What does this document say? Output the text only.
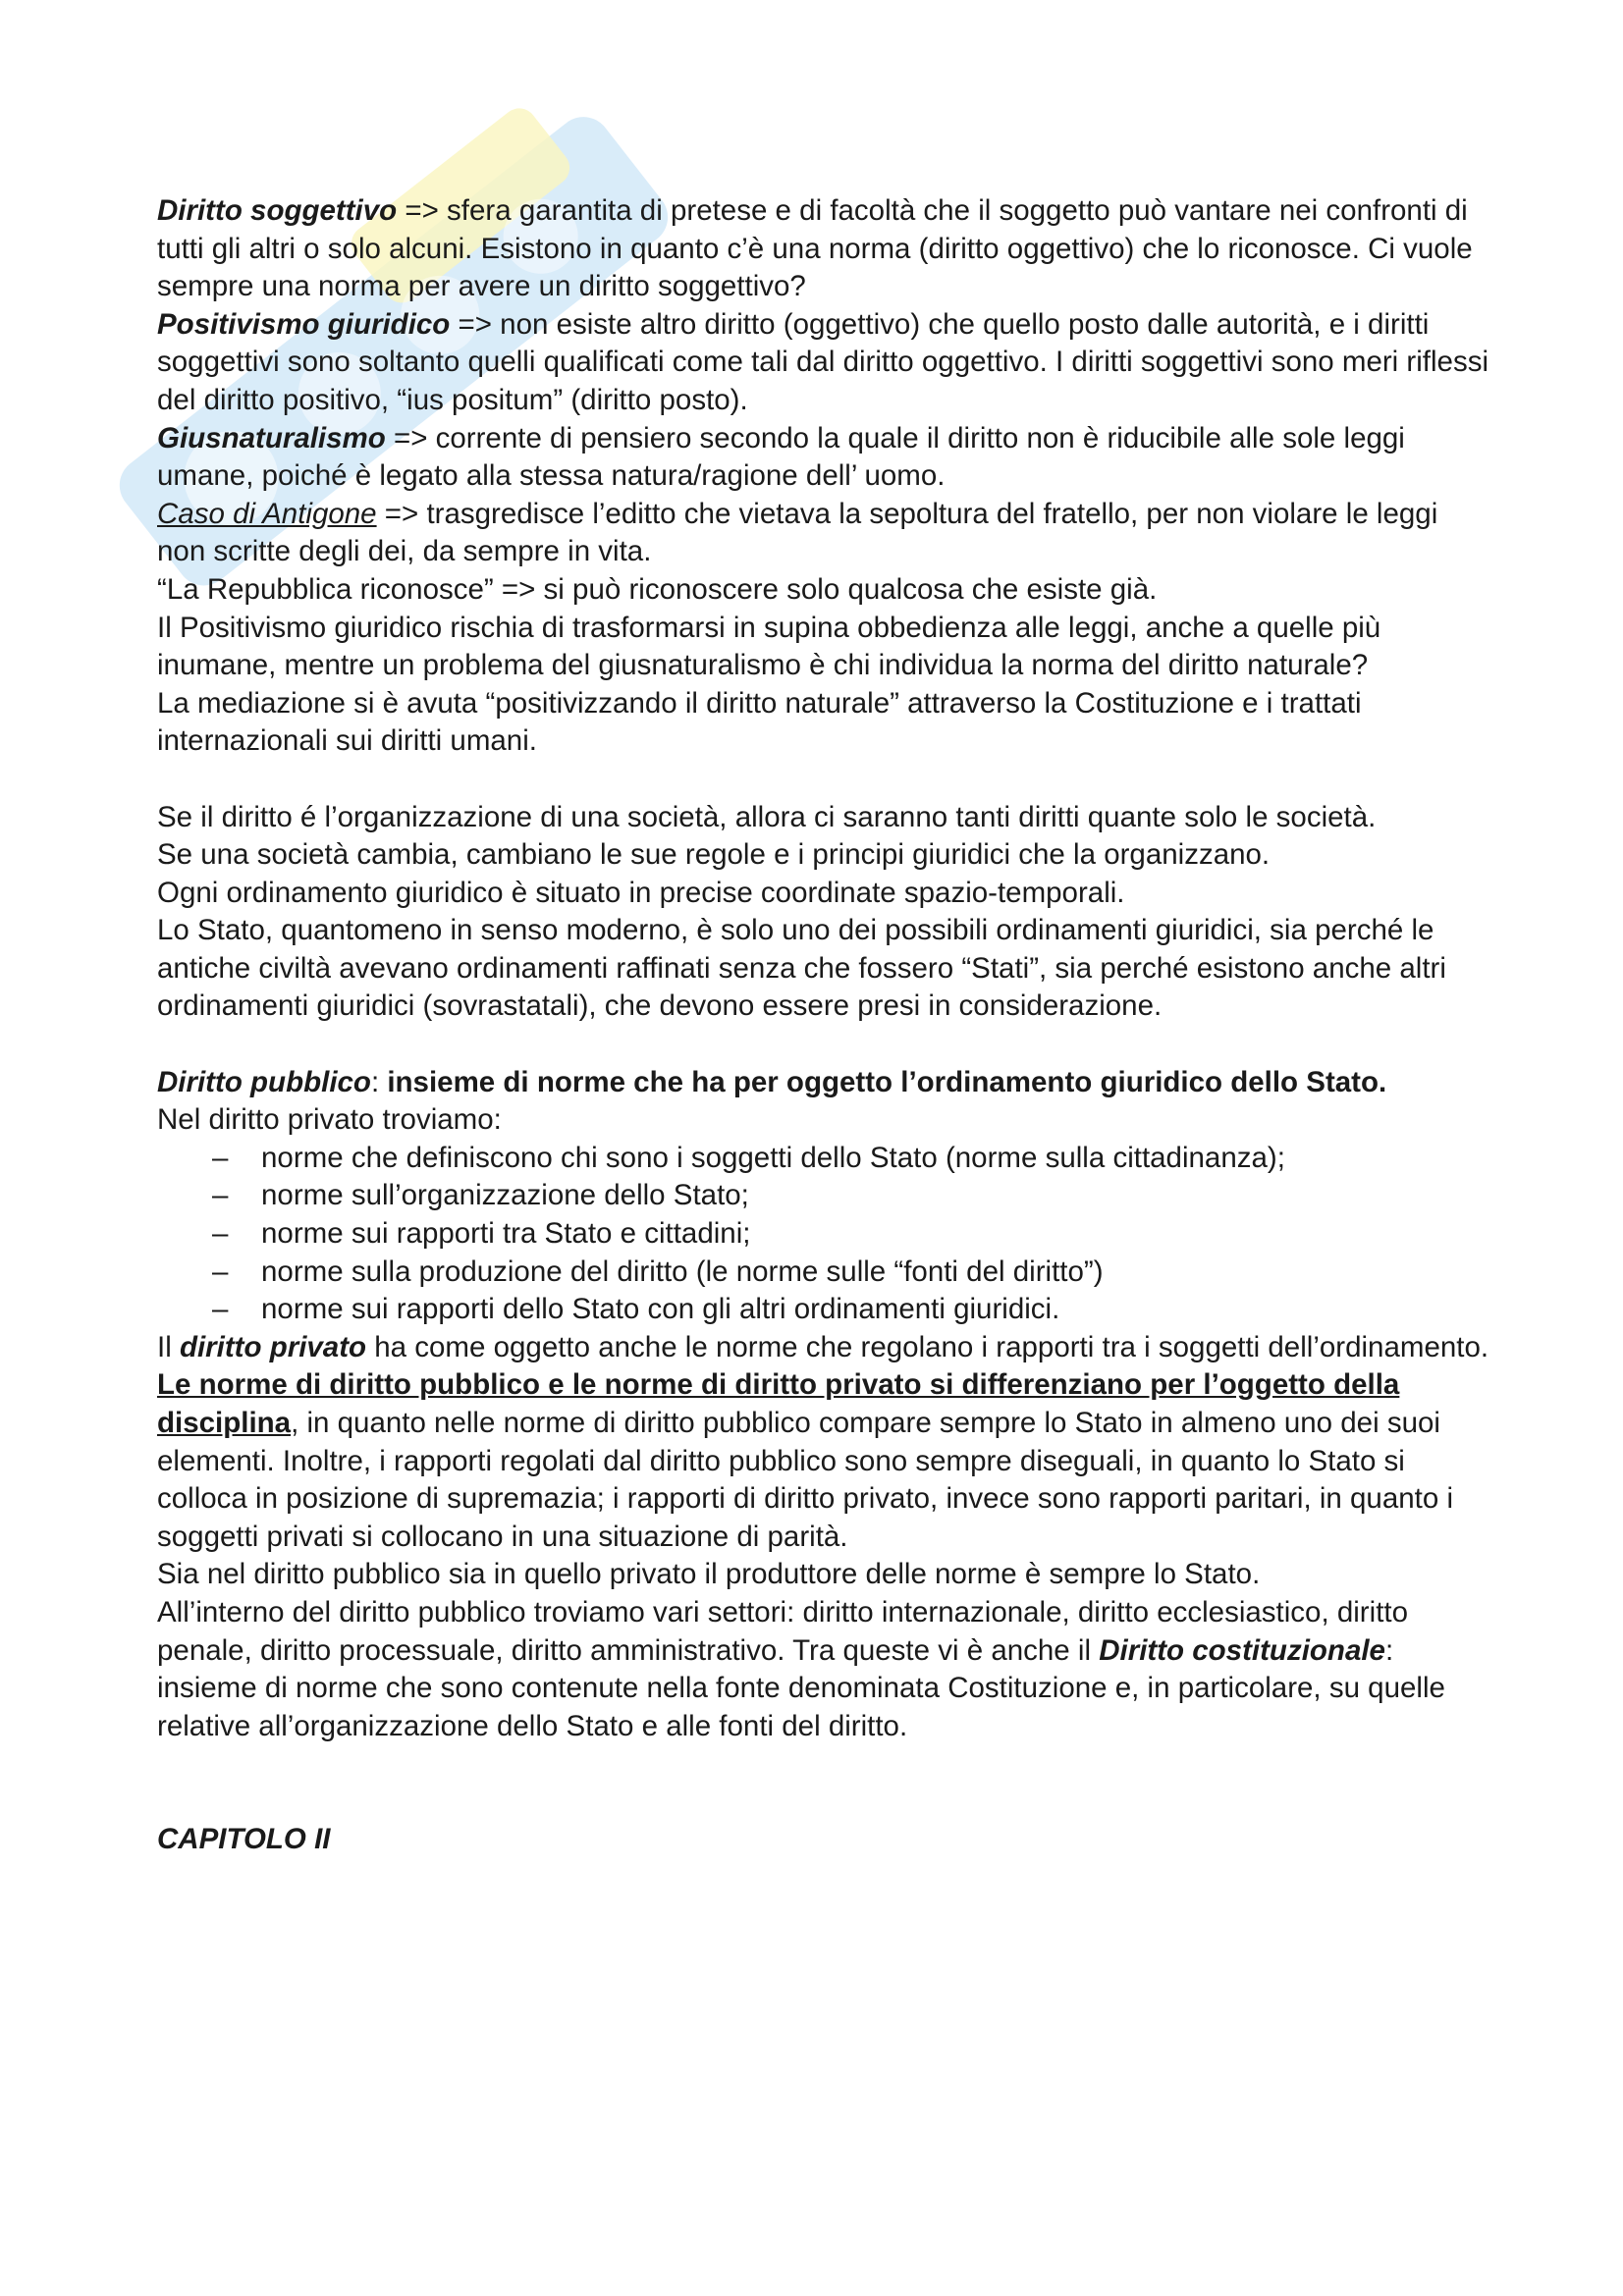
Diritto soggettivo => sfera garantita di pretese e di facoltà che il soggetto può vantare nei confronti di tutti gli altri o solo alcuni. Esistono in quanto c’è una norma (diritto oggettivo) che lo riconosce. Ci vuole sempre una norma per avere un diritto soggettivo?

Positivismo giuridico => non esiste altro diritto (oggettivo) che quello posto dalle autorità, e i diritti soggettivi sono soltanto quelli qualificati come tali dal diritto oggettivo. I diritti soggettivi sono meri riflessi del diritto positivo, “ius positum” (diritto posto).

Giusnaturalismo => corrente di pensiero secondo la quale il diritto non è riducibile alle sole leggi umane, poiché è legato alla stessa natura/ragione dell’ uomo.

Caso di Antigone => trasgredisce l’editto che vietava la sepoltura del fratello, per non violare le leggi non scritte degli dei, da sempre in vita.

“La Repubblica riconosce” => si può riconoscere solo qualcosa che esiste già.

Il Positivismo giuridico rischia di trasformarsi in supina obbedienza alle leggi, anche a quelle più inumane, mentre un problema del giusnaturalismo è chi individua la norma del diritto naturale?

La mediazione si è avuta “positivizzando il diritto naturale” attraverso la Costituzione e i trattati internazionali sui diritti umani.

Se il diritto é l’organizzazione di una società, allora ci saranno tanti diritti quante solo le società.

Se una società cambia, cambiano le sue regole e i principi giuridici che la organizzano.

Ogni ordinamento giuridico è situato in precise coordinate spazio-temporali.

Lo Stato, quantomeno in senso moderno, è solo uno dei possibili ordinamenti giuridici, sia perché le antiche civiltà avevano ordinamenti raffinati senza che fossero “Stati”, sia perché esistono anche altri ordinamenti giuridici (sovrastatali), che devono essere presi in considerazione.

Diritto pubblico: insieme di norme che ha per oggetto l’ordinamento giuridico dello Stato.

Nel diritto privato troviamo:

– norme che definiscono chi sono i soggetti dello Stato (norme sulla cittadinanza);
– norme sull’organizzazione dello Stato;
– norme sui rapporti tra Stato e cittadini;
– norme sulla produzione del diritto (le norme sulle “fonti del diritto”)
– norme sui rapporti dello Stato con gli altri ordinamenti giuridici.

Il diritto privato ha come oggetto anche le norme che regolano i rapporti tra i soggetti dell’ordinamento.

Le norme di diritto pubblico e le norme di diritto privato si differenziano per l’oggetto della disciplina, in quanto nelle norme di diritto pubblico compare sempre lo Stato in almeno uno dei suoi elementi. Inoltre, i rapporti regolati dal diritto pubblico sono sempre diseguali, in quanto lo Stato si colloca in posizione di supremazia; i rapporti di diritto privato, invece sono rapporti paritari, in quanto i soggetti privati si collocano in una situazione di parità.

Sia nel diritto pubblico sia in quello privato il produttore delle norme è sempre lo Stato.

All’interno del diritto pubblico troviamo vari settori: diritto internazionale, diritto ecclesiastico, diritto penale, diritto processuale, diritto amministrativo. Tra queste vi è anche il Diritto costituzionale: insieme di norme che sono contenute nella fonte denominata Costituzione e, in particolare, su quelle relative all’organizzazione dello Stato e alle fonti del diritto.

CAPITOLO II
